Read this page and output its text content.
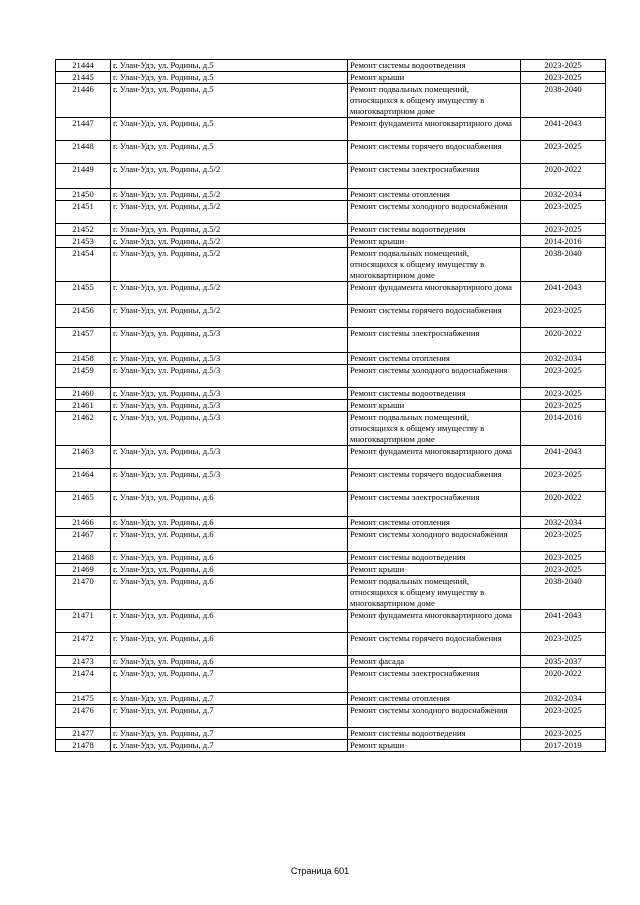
21444	г. Улан-Удэ, ул. Родины, д.5	Ремонт системы водоотведения	2023-2025
21445	г. Улан-Удэ, ул. Родины, д.5	Ремонт крыши	2023-2025
21446	г. Улан-Удэ, ул. Родины, д.5	Ремонт подвальных помещений, относящихся к общему имуществу в многоквартирном доме	2038-2040
21447	г. Улан-Удэ, ул. Родины, д.5	Ремонт фундамента многоквартирного дома	2041-2043
21448	г. Улан-Удэ, ул. Родины, д.5	Ремонт системы горячего водоснабжения	2023-2025
21449	г. Улан-Удэ, ул. Родины, д.5/2	Ремонт системы электроснабжения	2020-2022
21450	г. Улан-Удэ, ул. Родины, д.5/2	Ремонт системы отопления	2032-2034
21451	г. Улан-Удэ, ул. Родины, д.5/2	Ремонт системы холодного водоснабжения	2023-2025
21452	г. Улан-Удэ, ул. Родины, д.5/2	Ремонт системы водоотведения	2023-2025
21453	г. Улан-Удэ, ул. Родины, д.5/2	Ремонт крыши	2014-2016
21454	г. Улан-Удэ, ул. Родины, д.5/2	Ремонт подвальных помещений, относящихся к общему имуществу в многоквартирном доме	2038-2040
21455	г. Улан-Удэ, ул. Родины, д.5/2	Ремонт фундамента многоквартирного дома	2041-2043
21456	г. Улан-Удэ, ул. Родины, д.5/2	Ремонт системы горячего водоснабжения	2023-2025
21457	г. Улан-Удэ, ул. Родины, д.5/3	Ремонт системы электроснабжения	2020-2022
21458	г. Улан-Удэ, ул. Родины, д.5/3	Ремонт системы отопления	2032-2034
21459	г. Улан-Удэ, ул. Родины, д.5/3	Ремонт системы холодного водоснабжения	2023-2025
21460	г. Улан-Удэ, ул. Родины, д.5/3	Ремонт системы водоотведения	2023-2025
21461	г. Улан-Удэ, ул. Родины, д.5/3	Ремонт крыши	2023-2025
21462	г. Улан-Удэ, ул. Родины, д.5/3	Ремонт подвальных помещений, относящихся к общему имуществу в многоквартирном доме	2014-2016
21463	г. Улан-Удэ, ул. Родины, д.5/3	Ремонт фундамента многоквартирного дома	2041-2043
21464	г. Улан-Удэ, ул. Родины, д.5/3	Ремонт системы горячего водоснабжения	2023-2025
21465	г. Улан-Удэ, ул. Родины, д.6	Ремонт системы электроснабжения	2020-2022
21466	г. Улан-Удэ, ул. Родины, д.6	Ремонт системы отопления	2032-2034
21467	г. Улан-Удэ, ул. Родины, д.6	Ремонт системы холодного водоснабжения	2023-2025
21468	г. Улан-Удэ, ул. Родины, д.6	Ремонт системы водоотведения	2023-2025
21469	г. Улан-Удэ, ул. Родины, д.6	Ремонт крыши	2023-2025
21470	г. Улан-Удэ, ул. Родины, д.6	Ремонт подвальных помещений, относящихся к общему имуществу в многоквартирном доме	2038-2040
21471	г. Улан-Удэ, ул. Родины, д.6	Ремонт фундамента многоквартирного дома	2041-2043
21472	г. Улан-Удэ, ул. Родины, д.6	Ремонт системы горячего водоснабжения	2023-2025
21473	г. Улан-Удэ, ул. Родины, д.6	Ремонт фасада	2035-2037
21474	г. Улан-Удэ, ул. Родины, д.7	Ремонт системы электроснабжения	2020-2022
21475	г. Улан-Удэ, ул. Родины, д.7	Ремонт системы отопления	2032-2034
21476	г. Улан-Удэ, ул. Родины, д.7	Ремонт системы холодного водоснабжения	2023-2025
21477	г. Улан-Удэ, ул. Родины, д.7	Ремонт системы водоотведения	2023-2025
21478	г. Улан-Удэ, ул. Родины, д.7	Ремонт крыши	2017-2019
Страница 601
